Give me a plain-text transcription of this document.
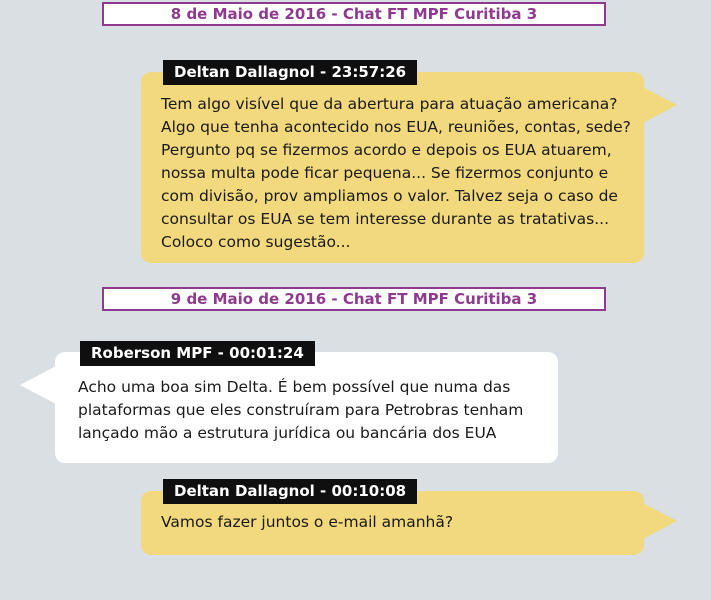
8 de Maio de 2016 - Chat FT MPF Curitiba 3
Tem algo visível que da abertura para atuação americana?
Algo que tenha acontecido nos EUA, reuniões, contas, sede?
Pergunto pq se fizermos acordo e depois os EUA atuarem,
nossa multa pode ficar pequena... Se fizermos conjunto e
com divisão, prov ampliamos o valor. Talvez seja o caso de
consultar os EUA se tem interesse durante as tratativas...
Coloco como sugestão...
Deltan Dallagnol - 23:57:26
9 de Maio de 2016 - Chat FT MPF Curitiba 3
Acho uma boa sim Delta. É bem possível que numa das
plataformas que eles construíram para Petrobras tenham
lançado mão a estrutura jurídica ou bancária dos EUA
Roberson MPF - 00:01:24
Vamos fazer juntos o e-mail amanhã?
Deltan Dallagnol - 00:10:08
